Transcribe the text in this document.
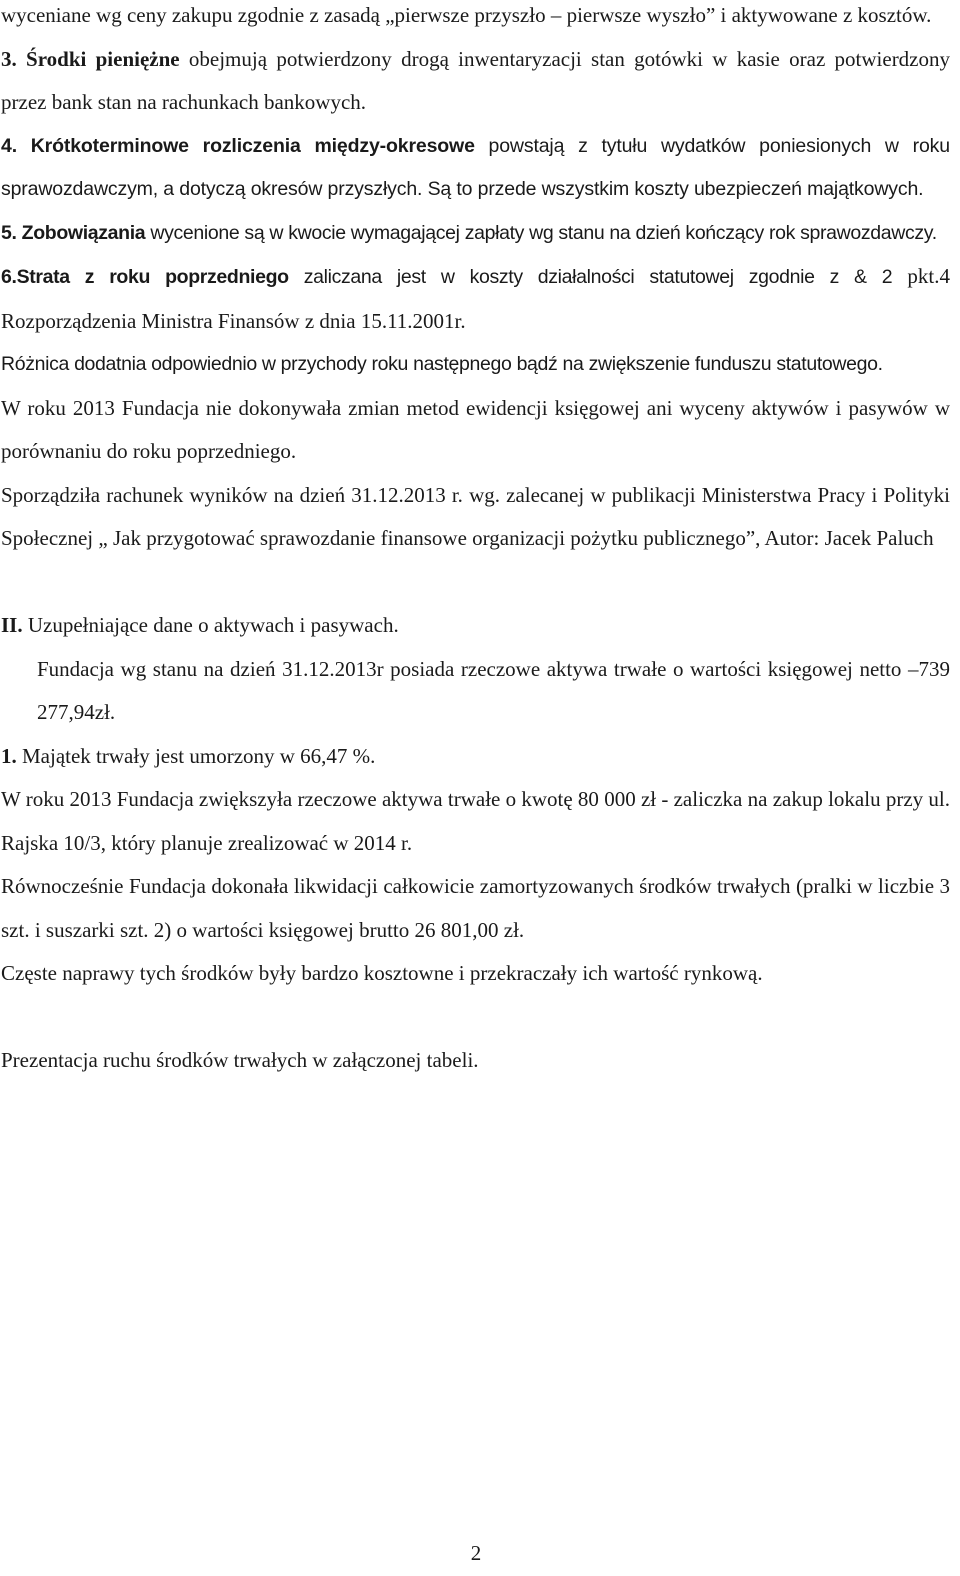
wyceniane wg ceny zakupu zgodnie z zasadą „pierwsze przyszło – pierwsze wyszło” i aktywowane z kosztów.

3. Środki pieniężne obejmują potwierdzony drogą inwentaryzacji stan gotówki w kasie oraz potwierdzony przez bank stan na rachunkach bankowych.

4. Krótkoterminowe rozliczenia między-okresowe powstają z tytułu wydatków poniesionych w roku sprawozdawczym, a dotyczą okresów przyszłych. Są to przede wszystkim koszty ubezpieczeń majątkowych.

5. Zobowiązania wycenione są w kwocie wymagającej zapłaty wg stanu na dzień kończący rok sprawozdawczy.

6.Strata z roku poprzedniego zaliczana jest w koszty działalności statutowej zgodnie z & 2 pkt.4 Rozporządzenia Ministra Finansów z dnia 15.11.2001r.

Różnica dodatnia odpowiednio w przychody roku następnego bądź na zwiększenie funduszu statutowego.

W roku 2013 Fundacja nie dokonywała zmian metod ewidencji księgowej ani wyceny aktywów i pasywów w porównaniu do roku poprzedniego.

Sporządziła rachunek wyników na dzień 31.12.2013 r. wg. zalecanej w publikacji Ministerstwa Pracy i Polityki Społecznej „ Jak przygotować sprawozdanie finansowe organizacji pożytku publicznego”, Autor: Jacek Paluch

II. Uzupełniające dane o aktywach i pasywach.

Fundacja wg stanu na dzień 31.12.2013r posiada rzeczowe aktywa trwałe o wartości księgowej netto –739 277,94zł.

1. Majątek trwały jest umorzony w 66,47 %.

W roku 2013 Fundacja zwiększyła rzeczowe aktywa trwałe o kwotę 80 000 zł - zaliczka na zakup lokalu przy ul. Rajska 10/3, który planuje zrealizować w 2014 r.

Równocześnie Fundacja dokonała likwidacji całkowicie zamortyzowanych środków trwałych (pralki w liczbie 3 szt. i suszarki szt. 2) o wartości księgowej brutto 26 801,00 zł.

Częste naprawy tych środków były bardzo kosztowne i przekraczały ich wartość rynkową.

Prezentacja ruchu środków trwałych w załączonej tabeli.

2
